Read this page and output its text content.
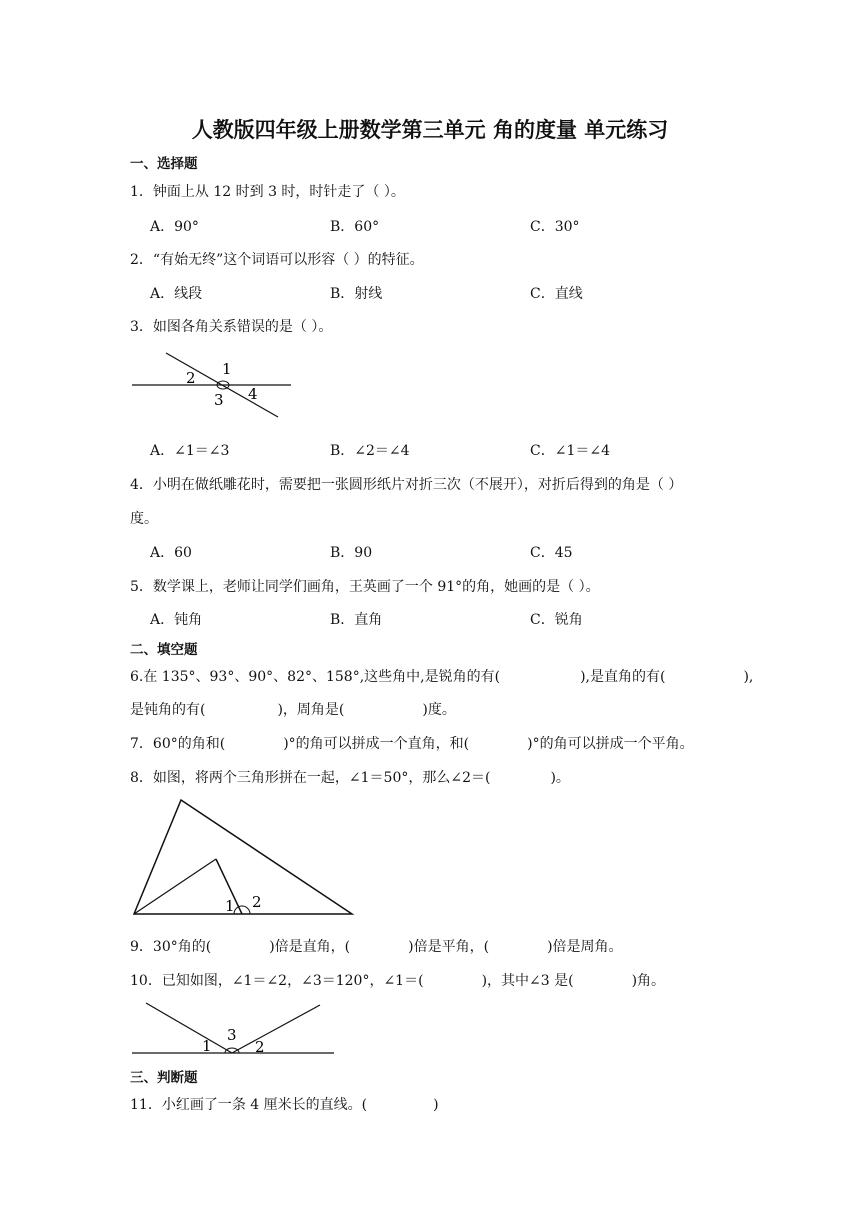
人教版四年级上册数学第三单元 角的度量 单元练习
一、选择题
1．钟面上从 12 时到 3 时，时针走了（ ）。
A．90°	B．60°	C．30°
2．“有始无终”这个词语可以形容（ ）的特征。
A．线段	B．射线	C．直线
3．如图各角关系错误的是（ ）。
1
2
3 4
A．∠1＝∠3	B．∠2＝∠4	C．∠1＝∠4
4．小明在做纸雕花时，需要把一张圆形纸片对折三次（不展开），对折后得到的角是（ ）
度。
A．60	B．90	C．45
5．数学课上，老师让同学们画角，王英画了一个 91°的角，她画的是（ ）。
A．钝角	B．直角	C．锐角
二、填空题
6.在 135°、93°、90°、82°、158°,这些角中,是锐角的有(	),是直角的有(	),
是钝角的有(	)，周角是(	)度。
7．60°的角和(	)°的角可以拼成一个直角，和(	)°的角可以拼成一个平角。
8．如图，将两个三角形拼在一起，∠1＝50°，那么∠2＝(	)。
1 2
9．30°角的(	)倍是直角，(	)倍是平角，(	)倍是周角。
10．已知如图，∠1＝∠2，∠3＝120°，∠1＝(	)，其中∠3 是(	)角。
1	2
3
三、判断题
11．小红画了一条 4 厘米长的直线。(	)
